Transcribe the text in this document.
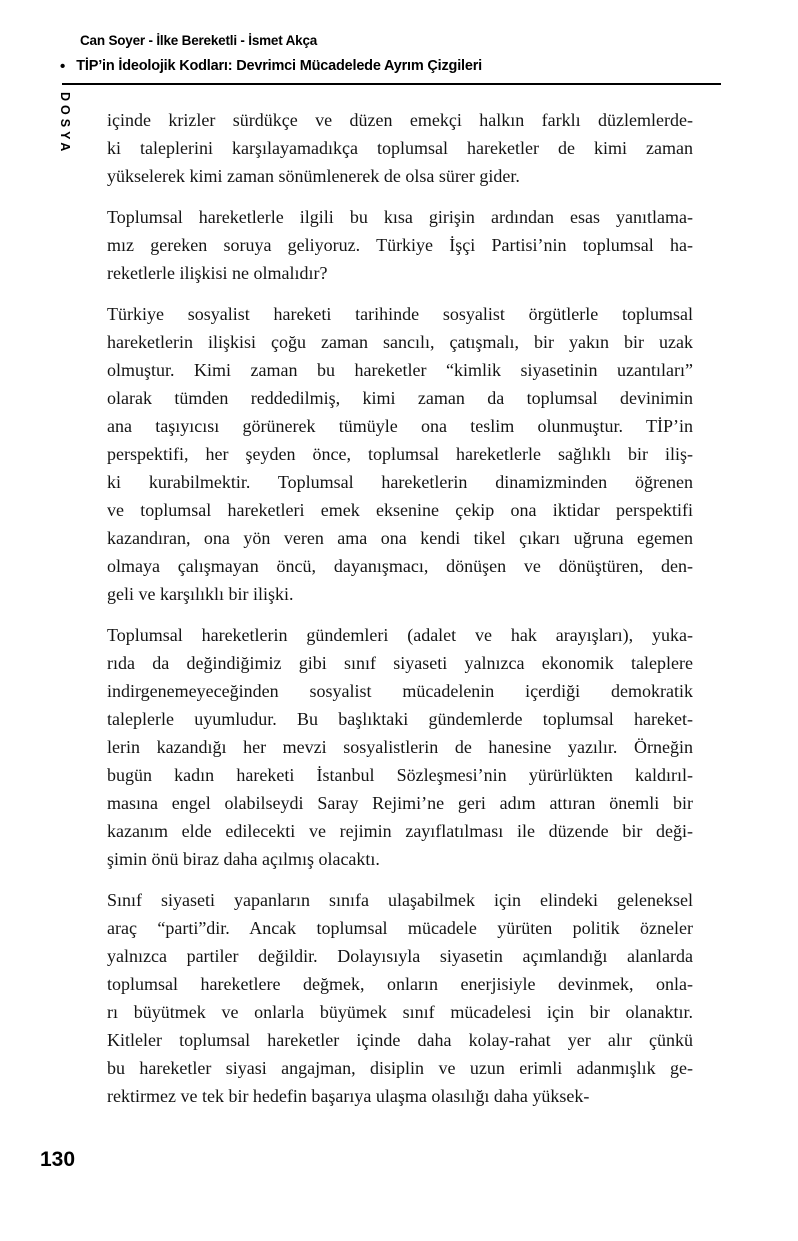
Can Soyer - İlke Bereketli - İsmet Akça
• TİP’in İdeolojik Kodları: Devrimci Mücadelede Ayrım Çizgileri
DOSYA içinde krizler sürdükçe ve düzen emekçi halkın farklı düzlemlerde-
ki taleplerini karşılayamadıkça toplumsal hareketler de kimi zaman
yükselerek kimi zaman sönümlenerek de olsa sürer gider.
Toplumsal hareketlerle ilgili bu kısa girişin ardından esas yanıtlama-
mız gereken soruya geliyoruz. Türkiye İşçi Partisi’nin toplumsal ha-
reketlerle ilişkisi ne olmalıdır?
Türkiye sosyalist hareketi tarihinde sosyalist örgütlerle toplumsal
hareketlerin ilişkisi çoğu zaman sancılı, çatışmalı, bir yakın bir uzak
olmuştur. Kimi zaman bu hareketler “kimlik siyasetinin uzantıları”
olarak tümden reddedilmiş, kimi zaman da toplumsal devinimin
ana taşıyıcısı görünerek tümüyle ona teslim olunmuştur. TİP’in
perspektifi, her şeyden önce, toplumsal hareketlerle sağlıklı bir iliş-
ki kurabilmektir. Toplumsal hareketlerin dinamizminden öğrenen
ve toplumsal hareketleri emek eksenine çekip ona iktidar perspektifi
kazandıran, ona yön veren ama ona kendi tikel çıkarı uğruna egemen
olmaya çalışmayan öncü, dayanışmacı, dönüşen ve dönüştüren, den-
geli ve karşılıklı bir ilişki.
Toplumsal hareketlerin gündemleri (adalet ve hak arayışları), yuka-
rıda da değindiğimiz gibi sınıf siyaseti yalnızca ekonomik taleplere
indirgenemeyeceğinden sosyalist mücadelenin içerdiği demokratik
taleplerle uyumludur. Bu başlıktaki gündemlerde toplumsal hareket-
lerin kazandığı her mevzi sosyalistlerin de hanesine yazılır. Örneğin
bugün kadın hareketi İstanbul Sözleşmesi’nin yürürlükten kaldırıl-
masına engel olabilseydi Saray Rejimi’ne geri adım attıran önemli bir
kazanım elde edilecekti ve rejimin zayıflatılması ile düzende bir deği-
şimin önü biraz daha açılmış olacaktı.
Sınıf siyaseti yapanların sınıfa ulaşabilmek için elindeki geleneksel
araç “parti”dir. Ancak toplumsal mücadele yürüten politik özneler
yalnızca partiler değildir. Dolayısıyla siyasetin açımlandığı alanlarda
toplumsal hareketlere değmek, onların enerjisiyle devinmek, onla-
rı büyütmek ve onlarla büyümek sınıf mücadelesi için bir olanaktır.
Kitleler toplumsal hareketler içinde daha kolay-rahat yer alır çünkü
bu hareketler siyasi angajman, disiplin ve uzun erimli adanmışlık ge-
rektirmez ve tek bir hedefin başarıya ulaşma olasılığı daha yüksek-
130
